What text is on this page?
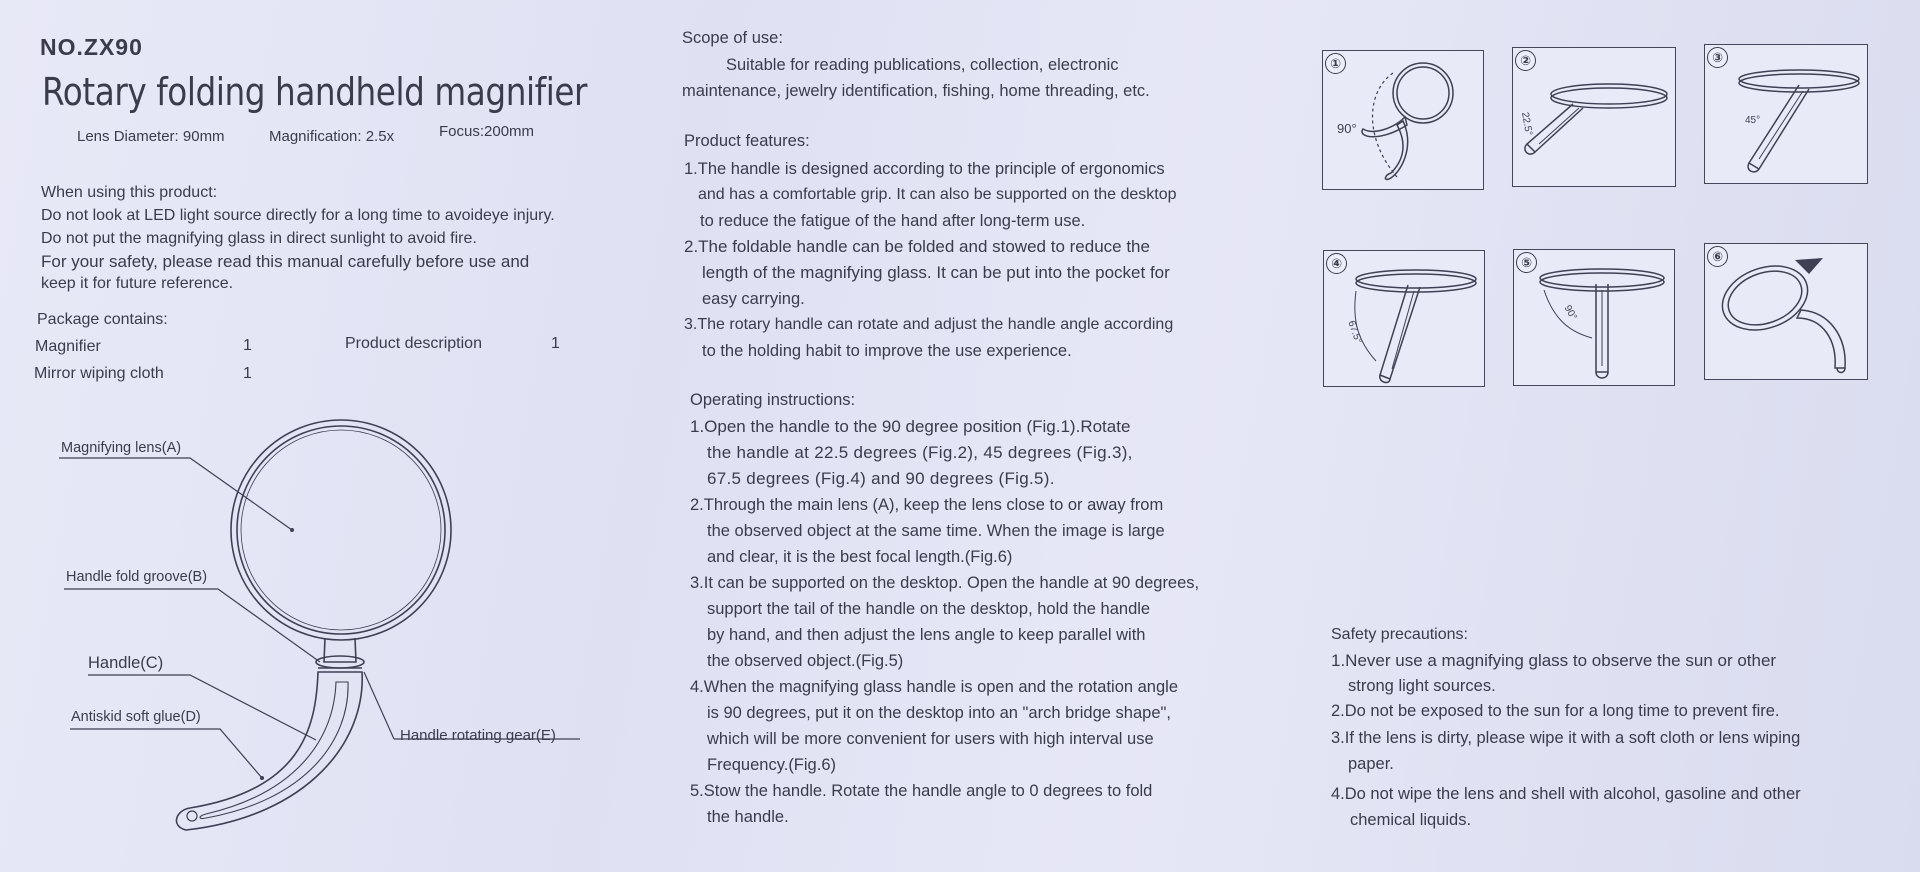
NO.ZX90
Rotary folding handheld magnifier
Lens Diameter: 90mm	Magnification: 2.5x	Focus:200mm
When using this product:
Do not look at LED light source directly for a long time to avoideye injury.
Do not put the magnifying glass in direct sunlight to avoid fire.
For your safety, please read this manual carefully before use and
keep it for future reference.
Package contains:
Magnifier	1	Product description	1
Mirror wiping cloth	1
Magnifying lens(A)
Handle fold groove(B)
Handle(C)
Antiskid soft glue(D)
Handle rotating gear(E)
Scope of use:
Suitable for reading publications, collection, electronic
maintenance, jewelry identification, fishing, home threading, etc.
Product features:
1.The handle is designed according to the principle of ergonomics
and has a comfortable grip. It can also be supported on the desktop
to reduce the fatigue of the hand after long-term use.
2.The foldable handle can be folded and stowed to reduce the
length of the magnifying glass. It can be put into the pocket for
easy carrying.
3.The rotary handle can rotate and adjust the handle angle according
to the holding habit to improve the use experience.
Operating instructions:
1.Open the handle to the 90 degree position (Fig.1).Rotate
the handle at 22.5 degrees (Fig.2), 45 degrees (Fig.3),
67.5 degrees (Fig.4) and 90 degrees (Fig.5).
2.Through the main lens (A), keep the lens close to or away from
the observed object at the same time. When the image is large
and clear, it is the best focal length.(Fig.6)
3.It can be supported on the desktop. Open the handle at 90 degrees,
support the tail of the handle on the desktop, hold the handle
by hand, and then adjust the lens angle to keep parallel with
the observed object.(Fig.5)
4.When the magnifying glass handle is open and the rotation angle
is 90 degrees, put it on the desktop into an "arch bridge shape",
which will be more convenient for users with high interval use
Frequency.(Fig.6)
5.Stow the handle. Rotate the handle angle to 0 degrees to fold
the handle.
90°
①
22.5°
②
45°
③
67.5°
④
90°
⑤	⑥
Safety precautions:
1.Never use a magnifying glass to observe the sun or other
strong light sources.
2.Do not be exposed to the sun for a long time to prevent fire.
3.If the lens is dirty, please wipe it with a soft cloth or lens wiping
paper.
4.Do not wipe the lens and shell with alcohol, gasoline and other
chemical liquids.
